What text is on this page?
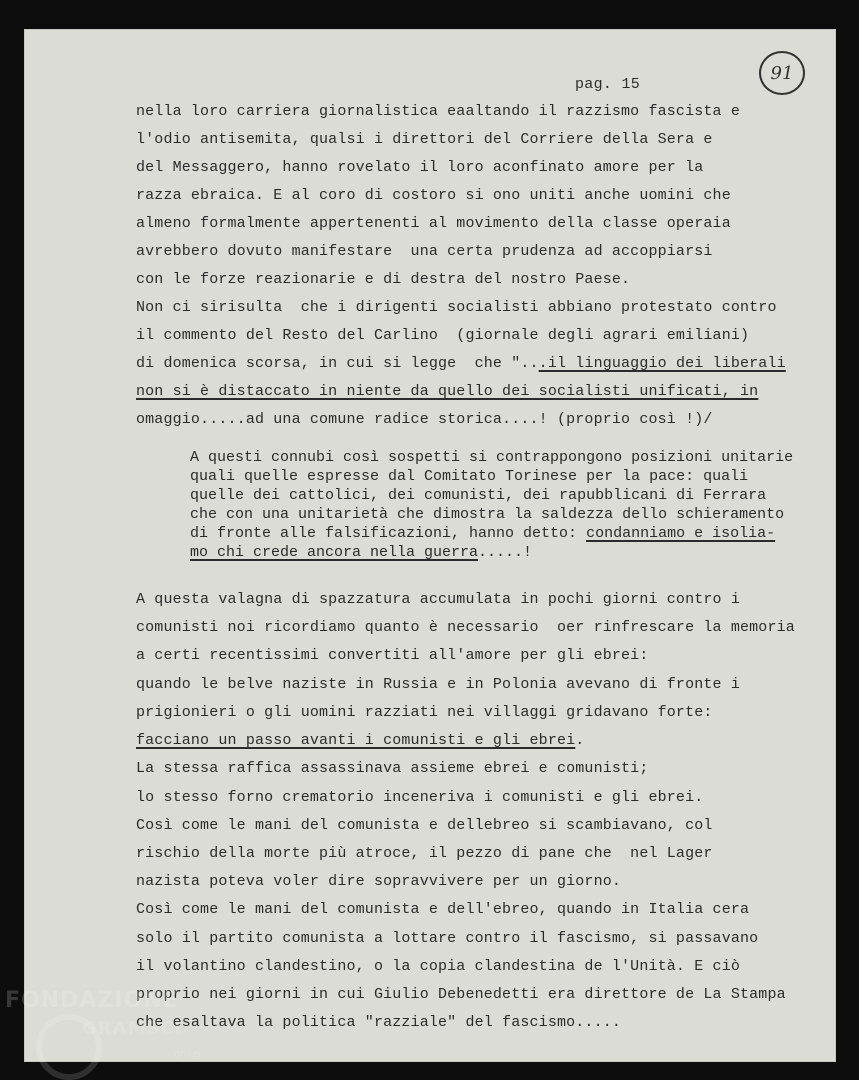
pag. 15
91
nella loro carriera giornalistica eaaltando il razzismo fascista e
l'odio antisemita, qualsi i direttori del Corriere della Sera e
del Messaggero, hanno rovelato il loro aconfinato amore per la
razza ebraica. E al coro di costoro si ono uniti anche uomini che
almeno formalmente appertenenti al movimento della classe operaia
avrebbero dovuto manifestare  una certa prudenza ad accoppiarsi
con le forze reazionarie e di destra del nostro Paese.
Non ci sirisulta  che i dirigenti socialisti abbiano protestato contro
il commento del Resto del Carlino  (giornale degli agrari emiliani)
di domenica scorsa, in cui si legge  che "...il linguaggio dei liberali
non si è distaccato in niente da quello dei socialisti unificati, in
omaggio.....ad una comune radice storica....! (proprio così !)/
A questi connubi così sospetti si contrappongono posizioni unitarie
quali quelle espresse dal Comitato Torinese per la pace: quali
quelle dei cattolici, dei comunisti, dei rapubblicani di Ferrara
che con una unitarietà che dimostra la saldezza dello schieramento
di fronte alle falsificazioni, hanno detto: condanniamo e isolia-
mo chi crede ancora nella guerra.....!
A questa valagna di spazzatura accumulata in pochi giorni contro i
comunisti noi ricordiamo quanto è necessario  oer rinfrescare la memoria
a certi recentissimi convertiti all'amore per gli ebrei:
quando le belve naziste in Russia e in Polonia avevano di fronte i
prigionieri o gli uomini razziati nei villaggi gridavano forte:
facciano un passo avanti i comunisti e gli ebrei.
La stessa raffica assassinava assieme ebrei e comunisti;
lo stesso forno crematorio inceneriva i comunisti e gli ebrei.
Così come le mani del comunista e dellebreo si scambiavano, col
rischio della morte più atroce, il pezzo di pane che  nel Lager
nazista poteva voler dire sopravvivere per un giorno.
Così come le mani del comunista e dell'ebreo, quando in Italia cera
solo il partito comunista a lottare contro il fascismo, si passavano
il volantino clandestino, o la copia clandestina de l'Unità. E ciò
proprio nei giorni in cui Giulio Debenedetti era direttore de La Stampa
che esaltava la politica "razziale" del fascismo.....
FONDAZIONE
GRAMSCI
onlus
